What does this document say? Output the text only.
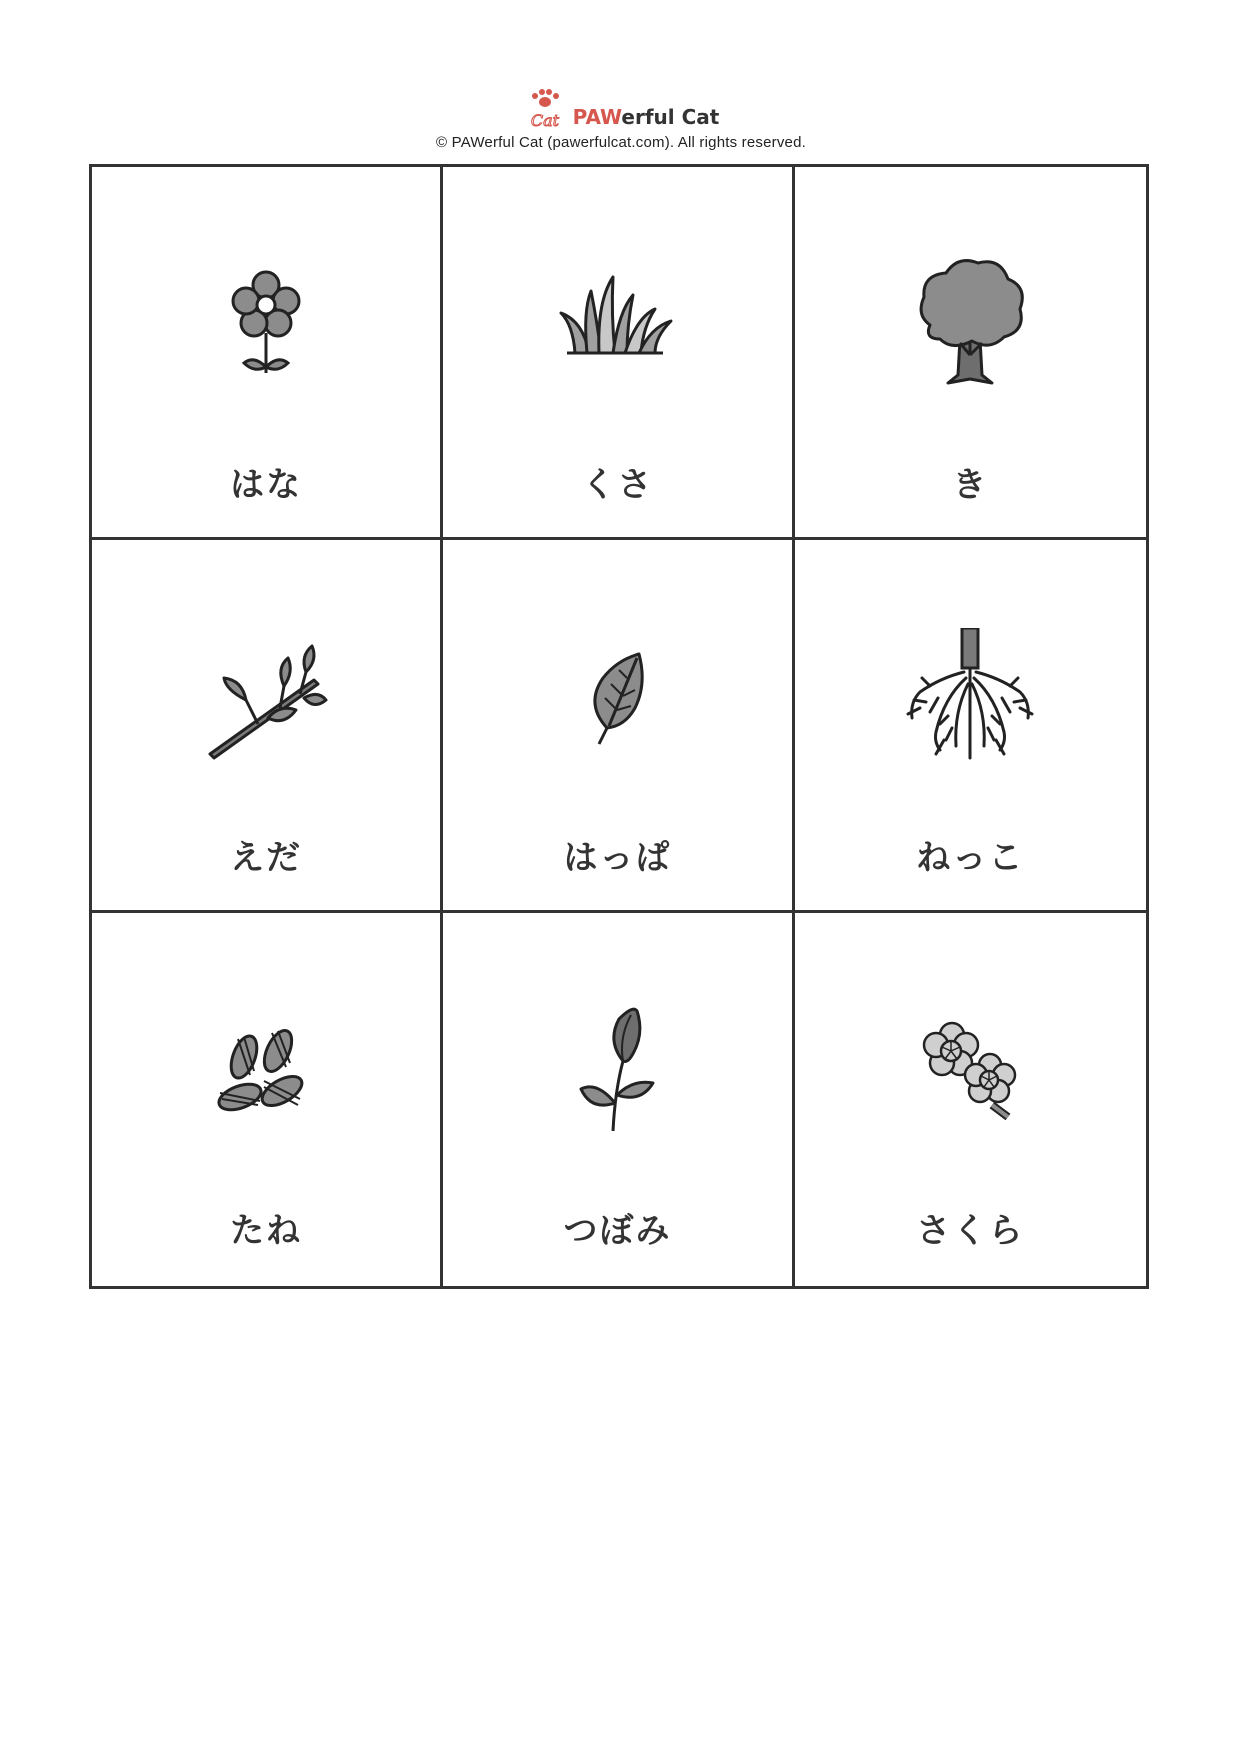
Cat PAWerful Cat
© PAWerful Cat (pawerfulcat.com). All rights reserved.
はな	くさ	き
えだ	はっぱ	ねっこ
たね	つぼみ	さくら
